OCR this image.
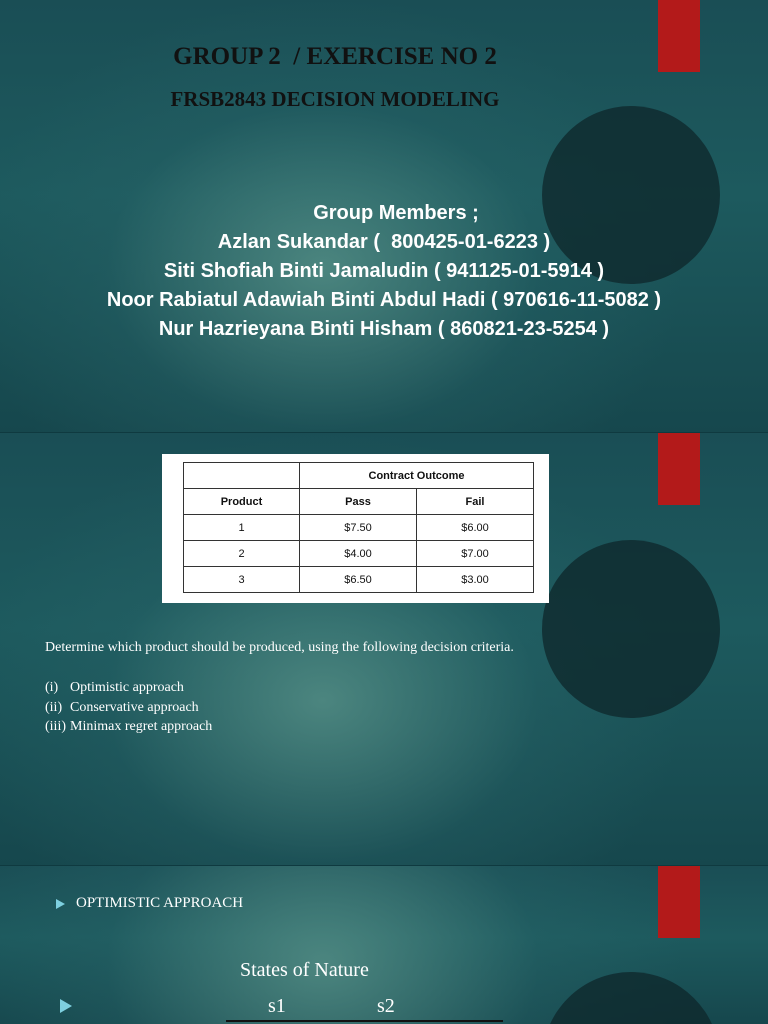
GROUP 2  / EXERCISE NO 2
FRSB2843 DECISION MODELING
Group Members ;
Azlan Sukandar (  800425-01-6223 )
Siti Shofiah Binti Jamaludin ( 941125-01-5914 )
Noor Rabiatul Adawiah Binti Abdul Hadi ( 970616-11-5082 )
Nur Hazrieyana Binti Hisham ( 860821-23-5254 )
	Contract Outcome	
Product	Pass	Fail
1	$7.50	$6.00
2	$4.00	$7.00
3	$6.50	$3.00

Determine which product should be produced, using the following decision criteria.

(i) Optimistic approach
(ii) Conservative approach
(iii) Minimax regret approach

OPTIMISTIC APPROACH

States of Nature

s1	s2
